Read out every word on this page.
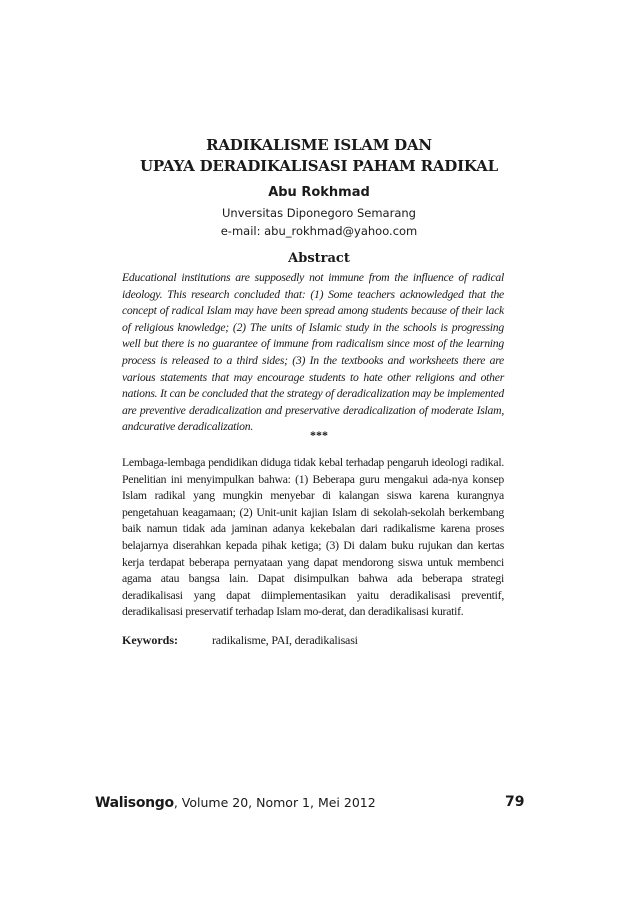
RADIKALISME ISLAM DAN
UPAYA DERADIKALISASI PAHAM RADIKAL
Abu Rokhmad
Unversitas Diponegoro Semarang
e-mail: abu_rokhmad@yahoo.com
Abstract
Educational institutions are supposedly not immune from the influence of radical ideology. This research concluded that: (1) Some teachers acknowledged that the concept of radical Islam may have been spread among students because of their lack of religious knowledge; (2) The units of Islamic study in the schools is progressing well but there is no guarantee of immune from radicalism since most of the learning process is released to a third sides; (3) In the textbooks and worksheets there are various statements that may encourage students to hate other religions and other nations. It can be concluded that the strategy of deradicalization may be implemented are preventive deradicalization and preservative deradicalization of moderate Islam, andcurative deradicalization.
***
Lembaga-lembaga pendidikan diduga tidak kebal terhadap pengaruh ideologi radikal. Penelitian ini menyimpulkan bahwa: (1) Beberapa guru mengakui ada-nya konsep Islam radikal yang mungkin menyebar di kalangan siswa karena kurangnya pengetahuan keagamaan; (2) Unit-unit kajian Islam di sekolah-sekolah berkembang baik namun tidak ada jaminan adanya kekebalan dari radikalisme karena proses belajarnya diserahkan kepada pihak ketiga; (3) Di dalam buku rujukan dan kertas kerja terdapat beberapa pernyataan yang dapat mendorong siswa untuk membenci agama atau bangsa lain. Dapat disimpulkan bahwa ada beberapa strategi deradikalisasi yang dapat diimplementasikan yaitu deradikalisasi preventif, deradikalisasi preservatif terhadap Islam mo-derat, dan deradikalisasi kuratif.
Keywords:	radikalisme, PAI, deradikalisasi
Walisongo, Volume 20, Nomor 1, Mei 2012	79
